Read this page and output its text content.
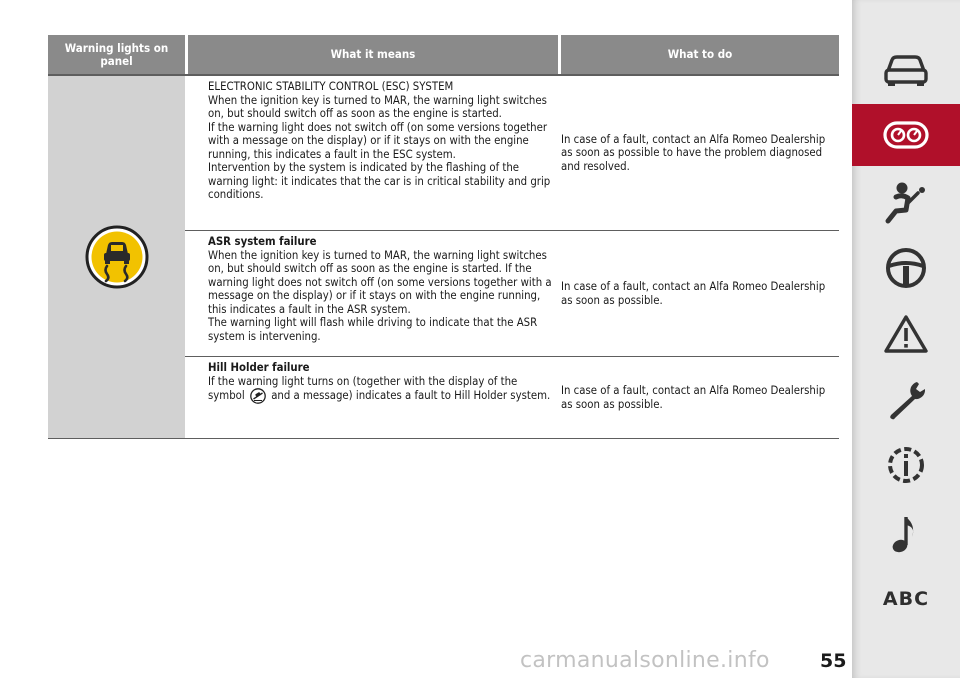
Warning lights on panel	What it means	What to do
ELECTRONIC STABILITY CONTROL (ESC) SYSTEM
When the ignition key is turned to MAR, the warning light switches on, but should switch off as soon as the engine is started.
If the warning light does not switch off (on some versions together with a message on the display) or if it stays on with the engine running, this indicates a fault in the ESC system.
Intervention by the system is indicated by the flashing of the warning light: it indicates that the car is in critical stability and grip conditions.
In case of a fault, contact an Alfa Romeo Dealership as soon as possible to have the problem diagnosed and resolved.
ASR system failure
When the ignition key is turned to MAR, the warning light switches on, but should switch off as soon as the engine is started. If the warning light does not switch off (on some versions together with a message on the display) or if it stays on with the engine running, this indicates a fault in the ASR system.
The warning light will flash while driving to indicate that the ASR system is intervening.
In case of a fault, contact an Alfa Romeo Dealership as soon as possible.
Hill Holder failure
If the warning light turns on (together with the display of the symbol and a message) indicates a fault to Hill Holder system. In case of a fault, contact an Alfa Romeo Dealership as soon as possible.
ABC
55
carmanualsonline.info
